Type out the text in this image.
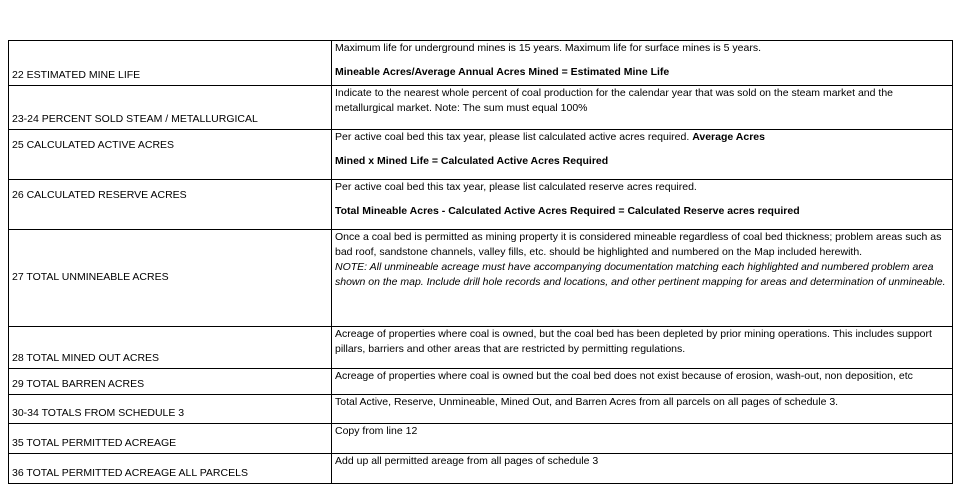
22 ESTIMATED MINE LIFE	Maximum life for underground mines is 15 years. Maximum life for surface mines is 5 years.
Mineable Acres/Average Annual Acres Mined = Estimated Mine Life

23-24 PERCENT SOLD STEAM / METALLURGICAL	Indicate to the nearest whole percent of coal production for the calendar year that was sold on the steam market and the metallurgical market. Note: The sum must equal 100%

25 CALCULATED ACTIVE ACRES	Per active coal bed this tax year, please list calculated active acres required. Average Acres
Mined x Mined Life = Calculated Active Acres Required

26 CALCULATED RESERVE ACRES	Per active coal bed this tax year, please list calculated reserve acres required.
Total Mineable Acres - Calculated Active Acres Required = Calculated Reserve acres required

27 TOTAL UNMINEABLE ACRES	Once a coal bed is permitted as mining property it is considered mineable regardless of coal bed thickness; problem areas such as bad roof, sandstone channels, valley fills, etc. should be highlighted and numbered on the Map included herewith.
NOTE: All unmineable acreage must have accompanying documentation matching each highlighted and numbered problem area shown on the map. Include drill hole records and locations, and other pertinent mapping for areas and determination of unmineable.

28 TOTAL MINED OUT ACRES	Acreage of properties where coal is owned, but the coal bed has been depleted by prior mining operations. This includes support pillars, barriers and other areas that are restricted by permitting regulations.

29 TOTAL BARREN ACRES	Acreage of properties where coal is owned but the coal bed does not exist because of erosion, wash-out, non deposition, etc

30-34 TOTALS FROM SCHEDULE 3	Total Active, Reserve, Unmineable, Mined Out, and Barren Acres from all parcels on all pages of schedule 3.

35 TOTAL PERMITTED ACREAGE	Copy from line 12

36 TOTAL PERMITTED ACREAGE ALL PARCELS	Add up all permitted areage from all pages of schedule 3
